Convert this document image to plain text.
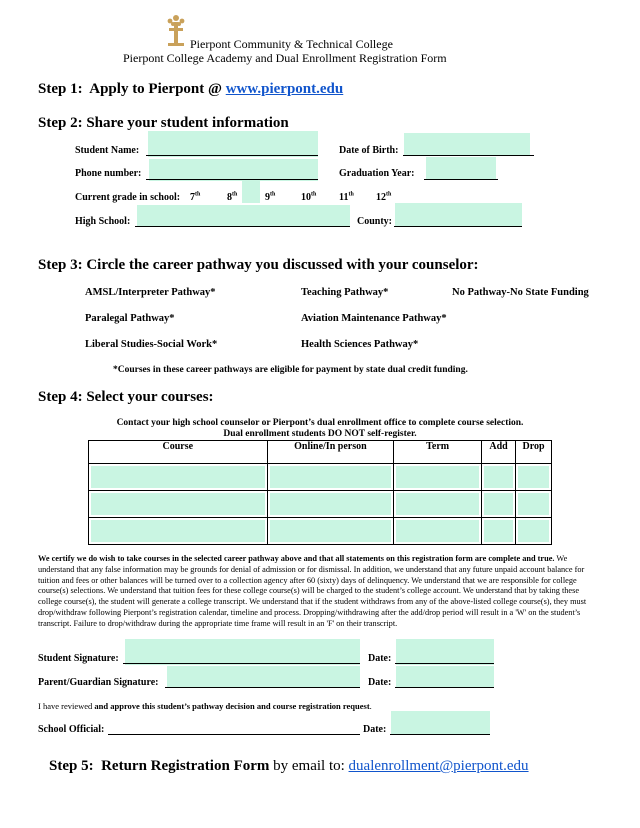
Pierpont Community & Technical College
Pierpont College Academy and Dual Enrollment Registration Form
Step 1:  Apply to Pierpont @ www.pierpont.edu
Step 2: Share your student information
Student Name:	Date of Birth:
Phone number:	Graduation Year:
Current grade in school: 7th	8th	9th	10th 11th 12th
High School:	County:
Step 3: Circle the career pathway you discussed with your counselor:
AMSL/Interpreter Pathway*	Teaching Pathway*	No Pathway-No State Funding
Paralegal Pathway*	Aviation Maintenance Pathway*
Liberal Studies-Social Work*	Health Sciences Pathway*
*Courses in these career pathways are eligible for payment by state dual credit funding.
Step 4: Select your courses:
Contact your high school counselor or Pierpont’s dual enrollment office to complete course selection.
Dual enrollment students DO NOT self-register.
Course	Online/In person	Term	Add	Drop

We certify we do wish to take courses in the selected career pathway above and that all statements on this registration form are complete and true. We understand that any false information may be grounds for denial of admission or for dismissal. In addition, we understand that any future unpaid account balance for tuition and fees or other balances will be turned over to a collection agency after 60 (sixty) days of delinquency. We understand that we are responsible for college course(s) selections. We understand that tuition fees for these college course(s) will be charged to the student’s college account. We understand that by taking these college course(s), the student will generate a college transcript. We understand that if the student withdraws from any of the above-listed college course(s), they must drop/withdraw following Pierpont’s registration calendar, timeline and process. Dropping/withdrawing after the add/drop period will result in a 'W' on the student’s transcript. Failure to drop/withdraw during the appropriate time frame will result in an 'F' on their transcript.
Student Signature:	Date:
Parent/Guardian Signature:	Date:
I have reviewed and approve this student’s pathway decision and course registration request.
School Official:	Date:
Step 5:  Return Registration Form by email to: dualenrollment@pierpont.edu
